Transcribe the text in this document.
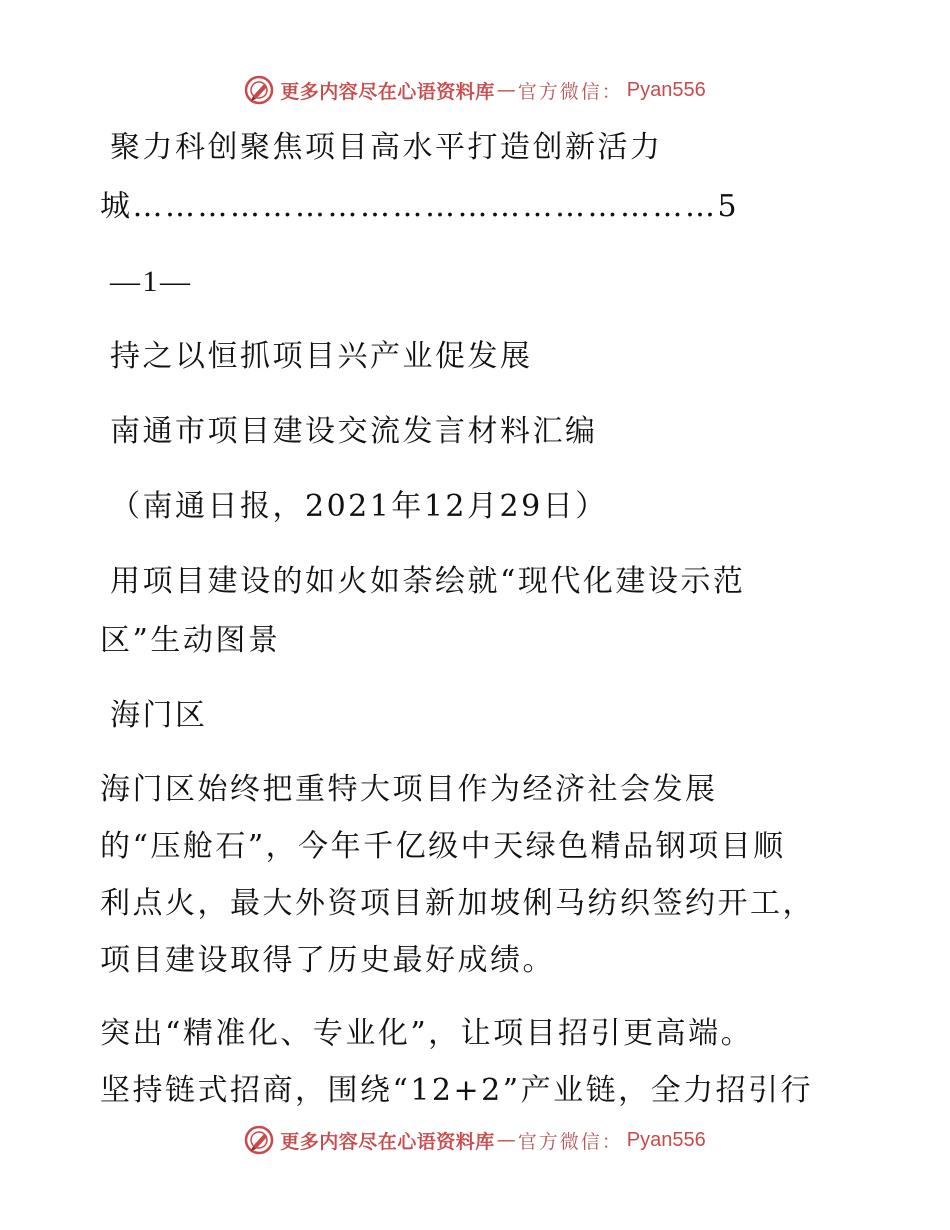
更多内容尽在心语资料库 — 官方微信： Pyan556

聚力科创聚焦项目高水平打造创新活力

城………………………………………………5

—1—

持之以恒抓项目兴产业促发展

南通市项目建设交流发言材料汇编

（南通日报，2021年12月29日）

用项目建设的如火如荼绘就“现代化建设示范

区”生动图景

海门区

海门区始终把重特大项目作为经济社会发展

的“压舱石”，今年千亿级中天绿色精品钢项目顺

利点火，最大外资项目新加坡俐马纺织签约开工，

项目建设取得了历史最好成绩。

突出“精准化、专业化”，让项目招引更高端。

坚持链式招商，围绕“12+2”产业链，全力招引行

更多内容尽在心语资料库 — 官方微信： Pyan556
